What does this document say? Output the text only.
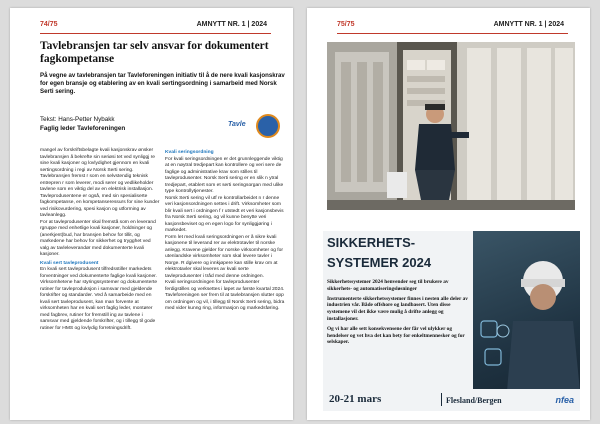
74/75	AMNYTT NR. 1 | 2024
Tavlebransjen tar selv ansvar for dokumentert fagkompetanse
På vegne av tavlebransjen tar Tavleforeningen initiativ til å de nere kvali kasjonskrav for egen bransje og etablering av en kvali sertingsordning i samarbeid med Norsk Serti sering.
Tekst: Hans-Petter Nybakk
Faglig leder Tavleforeningen	Tavle

mangel av forskriftsbelagte kvali kasjonskrav ønsker tavlebransjen å bekrefte sin seriøsi tet ved synliggj re sine kvali kasjoner og lovlydighet gjennom en kvali sertingsordning i regi av Norsk Serti sering.

Tavlebransjen fremst r som en selvstendig teknisk entrepren r som leverer, modi serer og vedlikeholder tavlene som en viktig del av en elektrisk installasjon. Tavleprodusentene er også, med sin spesialiserte fagkompetanse, en kompetanseressurs for sine kunder ved risikovurdering, spesi kasjon og utforming av tavleanlegg.

For at tavleprodusenter skal fremstå som en leverand rgruppe med enhetlige kvali kasjoner, holdninger og (anerkjent)bud, har bransjen behov for tillit, og markedene har behov for sikkerhet og trygghet ved valg av tavleleverandør med dokumenterte kvali kasjoner.

Kvali sert tavleprodusent

En kvali sert tavleprodusent tilfredsstiller markedets forventninger ved dokumenterte faglige kvali kasjoner. Virksomhetene har styringssystemer og dokumenterte rutiner for tavleproduksjon i samsvar med gjeldende forskrifter og standarder. Ved å samarbeide med en kvali sert tavleprodusent, kan man forvente at virksomheten har en kvali sert faglig leder, montører med fagbrev, rutiner for fremstill ing av tavlene i samsvar med gjeldende forskrifter, og i tillegg til gode rutiner for HMS og lovlydig forretningsdrift.

Kvali seringsordning

For kvali seringsordningen er det grunnleggende viktig at en nøytral tredjepart kan kontrollere og veri sere de faglige og administrative krav som stilles til tavleprodusenter. Norsk Serti sering er en slik n ytral tredjepart, etablert som et serti seringsorgan med ulike type kontrollytjenester.

Norsk Serti sering vil utf re kontrollarbeidet n r denne veri kasjonsordningen settes i drift. Virksomheter som blir kvali sert i ordningen f r utstedt et veri kasjonsbevis fra Norsk Serti sering, og vil kunne benytte veri kasjonsbeviset og en egen logo for synliggjøring i markedet.

Form let med kvali seringsordningen er å sikre kvali kasjonene til leverand rer av elektrotavler til norske anlegg. Kravene gjelder for norske virksomheter og for utenlandske virksomheter som skal levere tavler i Norge. R dgivere og innkjøpere kan stille krav om at elektrotavler skal leveres av kvali serte tavleprodusenter i tråd med denne ordningen.

Kvali seringsordningen for tavleprodusenter ferdigstilles og verksettes i løpet av første kvartal 2024.

Tavleforeningen ser frem til at tavlebransjen slutter opp om ordningen og vil, i tillegg til Norsk Serti sering, bidra med vider kunng ring, informasjon og markedsføring.

75/75	AMNYTT NR. 1 | 2024
SIKKERHETS-
SYSTEMER 2024

Sikkerhetssystemer 2024 henvender seg til brukere av sikkerhets- og automatiseringsløsninger

Instrumenterte sikkerhetssystemer finnes i nesten alle deler av industrien vår. Både offshore og landbasert. Uten disse systemene vil det ikke være mulig å drifte anlegg og installasjoner.

Og vi har alle sett konsekvensene der får vel ulykker og hendelser og vet hva det kan bety for enkeltmennesker og for selskaper.

20-21 mars	Flesland/Bergen	nfea
